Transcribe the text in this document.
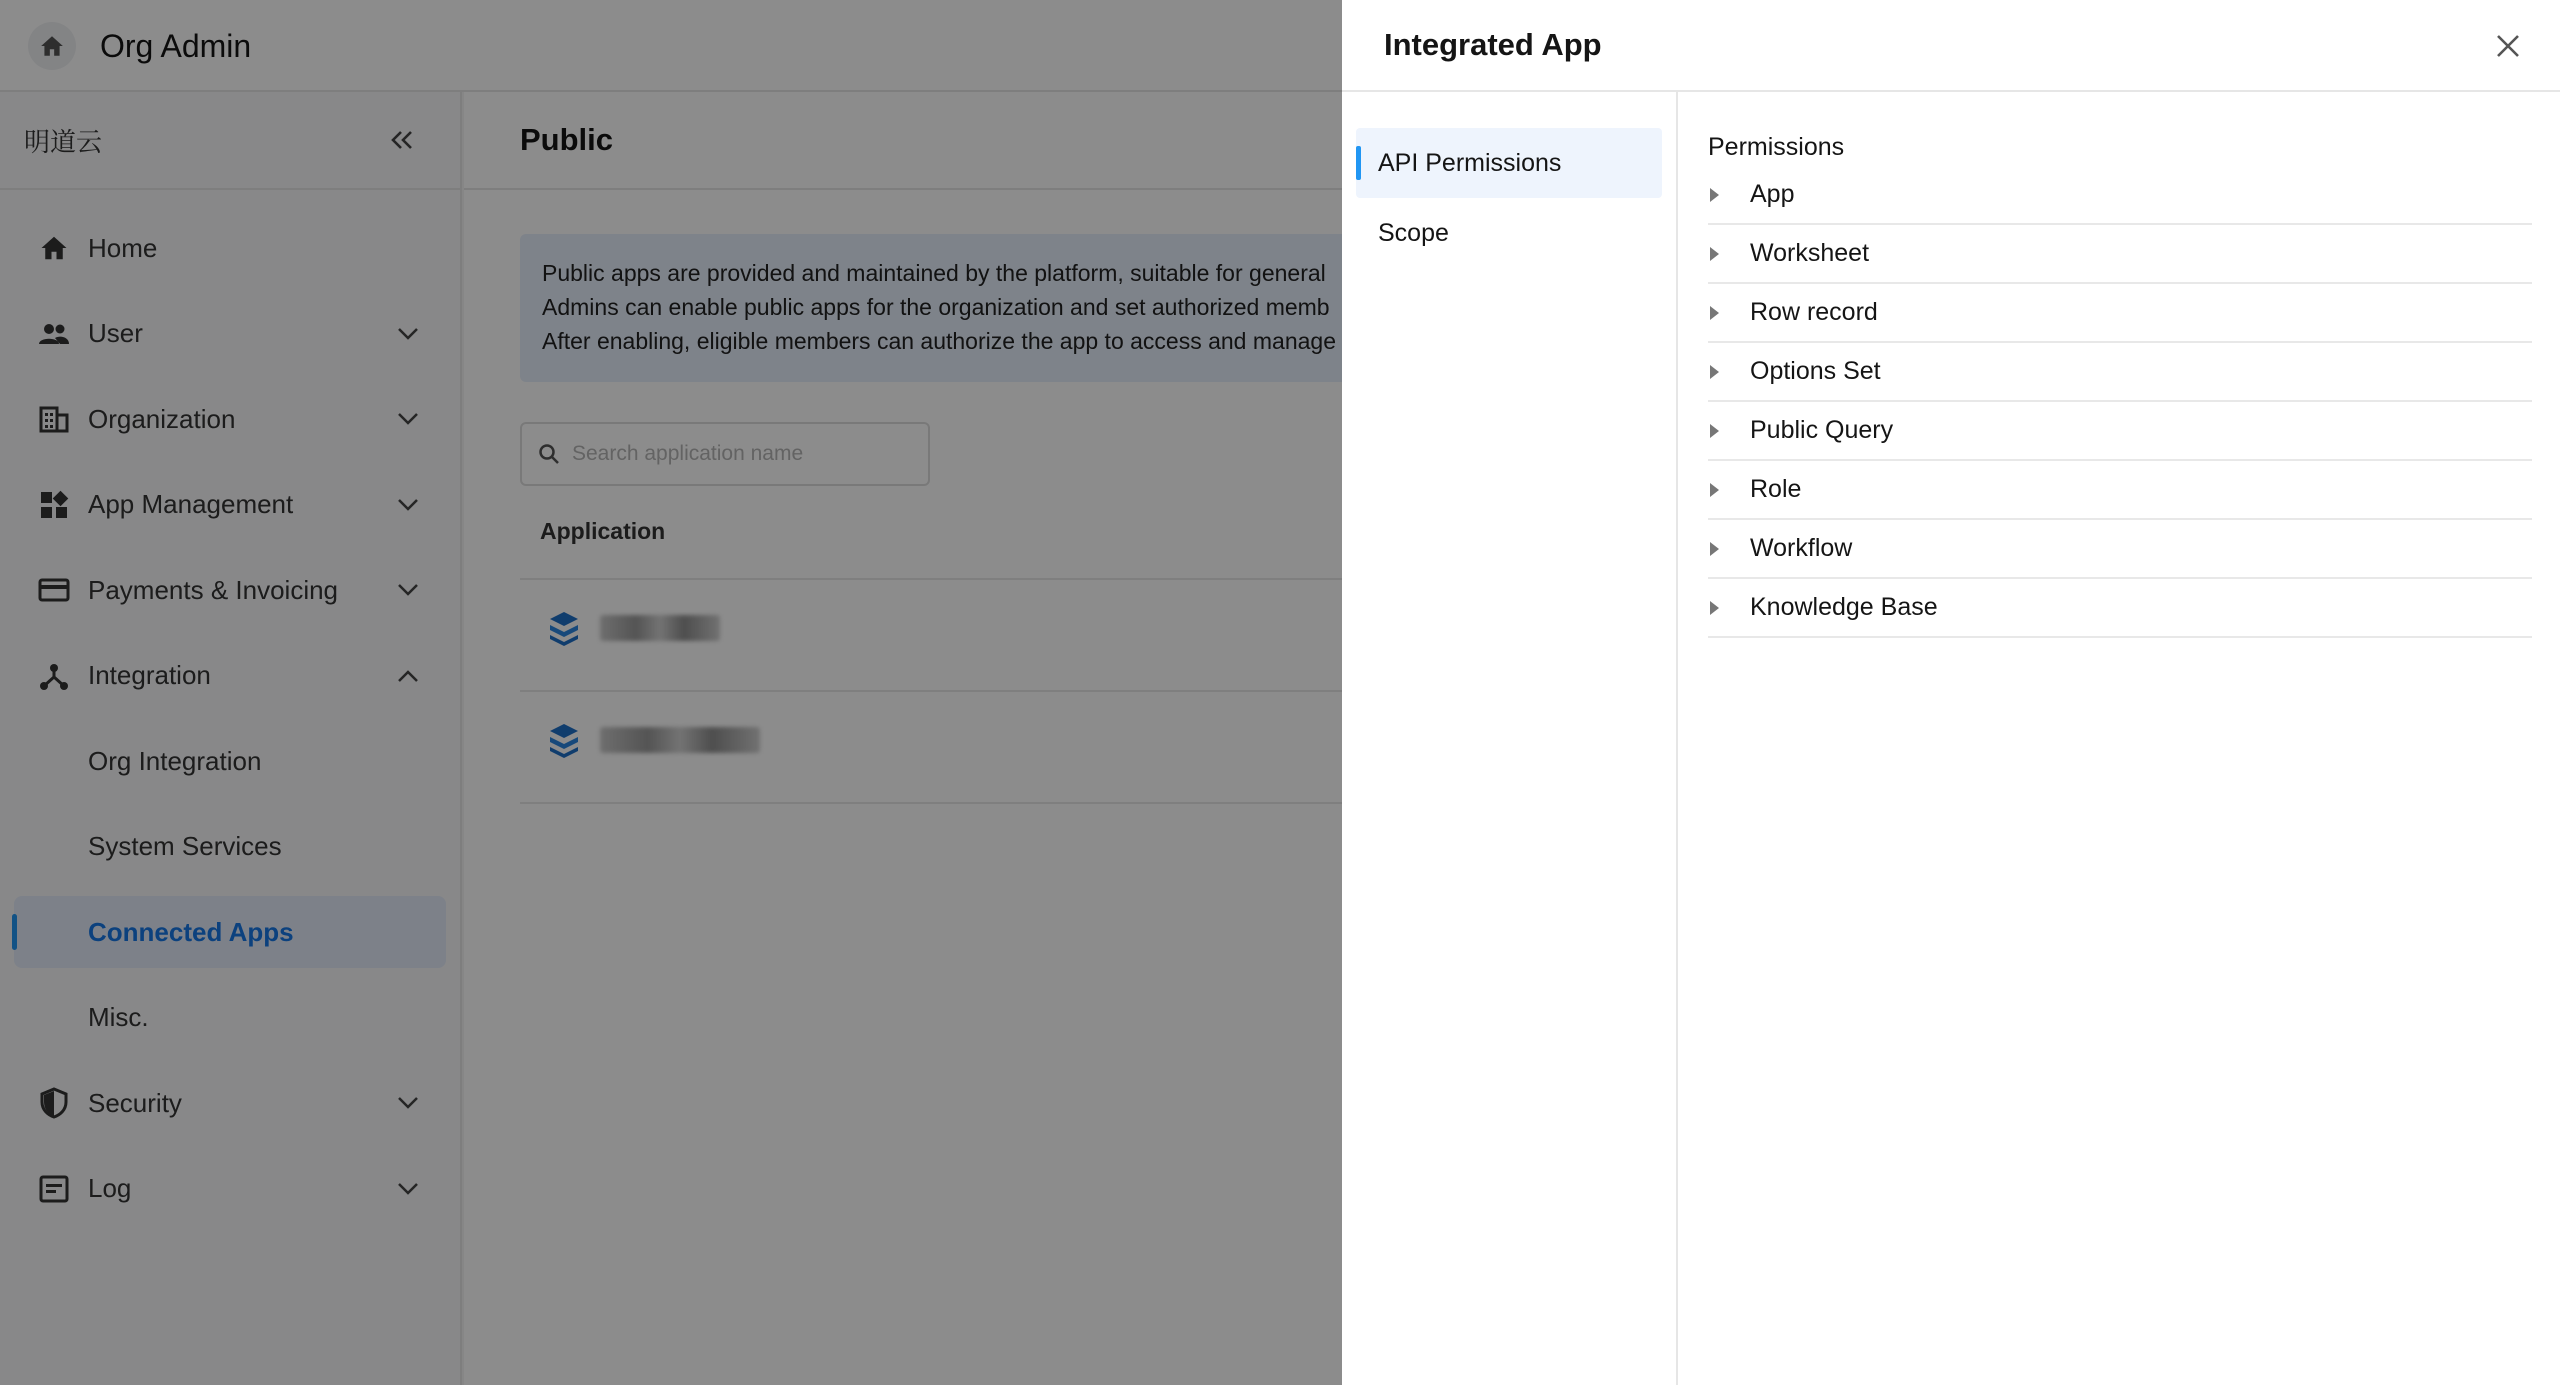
Org Admin
明道云
Home
User
Organization
App Management
Payments & Invoicing
Integration
Org Integration
System Services
Connected Apps
Misc.
Security
Log
Public
Public apps are provided and maintained by the platform, suitable for general
Admins can enable public apps for the organization and set authorized memb
After enabling, eligible members can authorize the app to access and manage
Search application name
Application
Integrated App
API Permissions
Scope
Permissions
App
Worksheet
Row record
Options Set
Public Query
Role
Workflow
Knowledge Base
